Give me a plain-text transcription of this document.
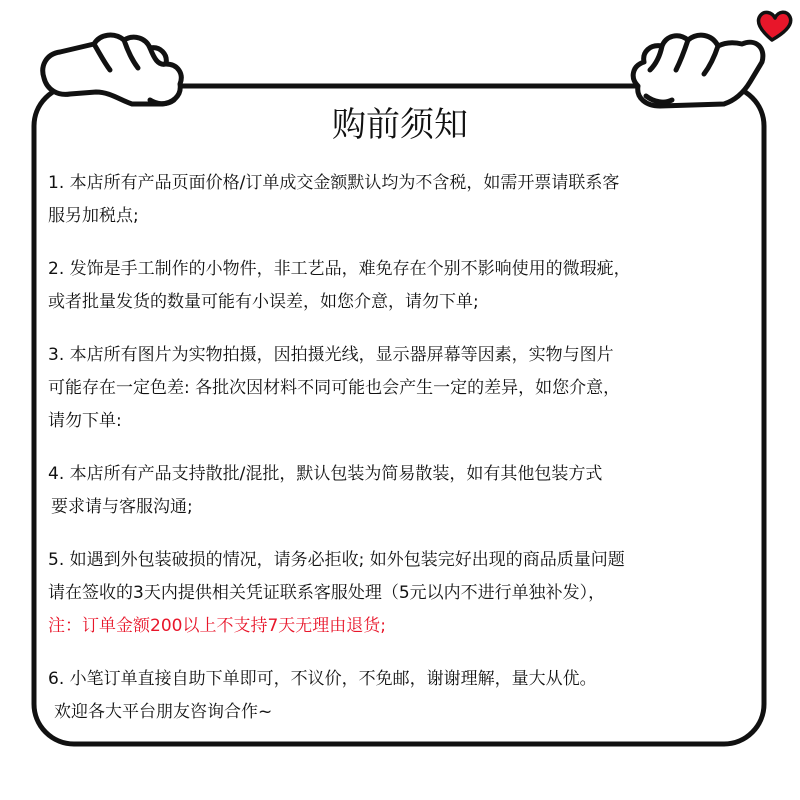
购前须知
1. 本店所有产品页面价格/订单成交金额默认均为不含税，如需开票请联系客
服另加税点;
2. 发饰是手工制作的小物件，非工艺品，难免存在个别不影响使用的微瑕疵，
或者批量发货的数量可能有小误差，如您介意，请勿下单;
3. 本店所有图片为实物拍摄，因拍摄光线，显示器屏幕等因素，实物与图片
可能存在一定色差: 各批次因材料不同可能也会产生一定的差异，如您介意，
请勿下单:
4. 本店所有产品支持散批/混批，默认包装为简易散装，如有其他包装方式
要求请与客服沟通;
5. 如遇到外包装破损的情况，请务必拒收; 如外包装完好出现的商品质量问题
请在签收的3天内提供相关凭证联系客服处理（5元以内不进行单独补发），
注：订单金额200以上不支持7天无理由退货;
6. 小笔订单直接自助下单即可，不议价，不免邮，谢谢理解，量大从优。
欢迎各大平台朋友咨询合作~
